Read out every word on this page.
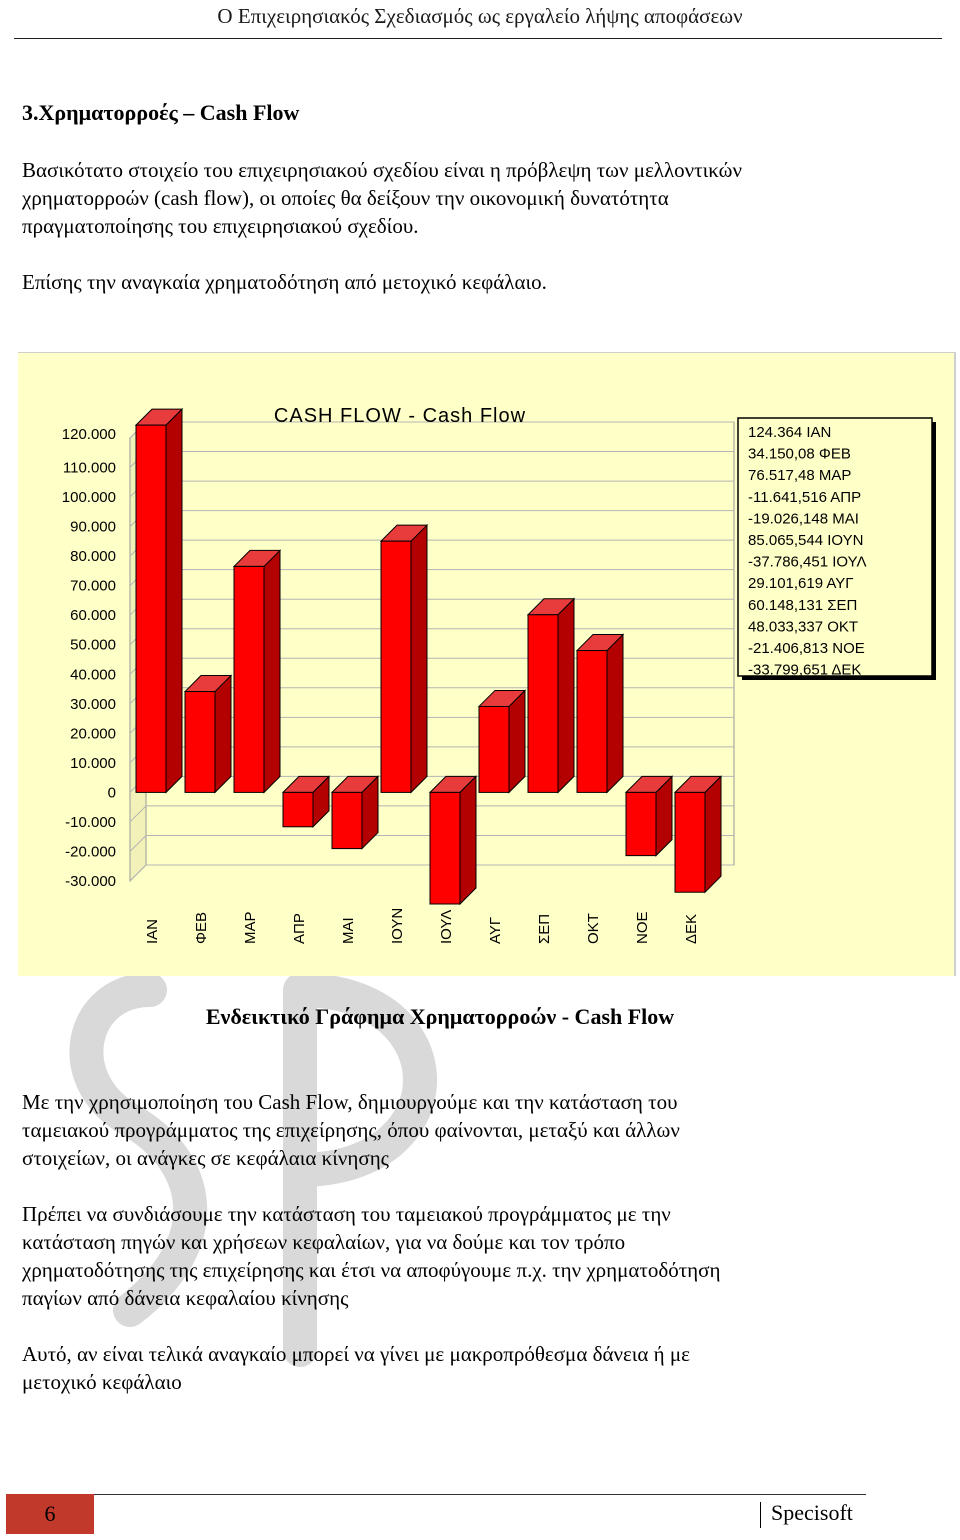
Ο Επιχειρησιακός Σχεδιασμός ως εργαλείο λήψης αποφάσεων
3.Χρηματορροές – Cash Flow
Βασικότατο στοιχείο του επιχειρησιακού σχεδίου είναι η πρόβλεψη των μελλοντικών
χρηματορροών (cash flow), οι οποίες θα δείξουν την οικονομική δυνατότητα
πραγματοποίησης του επιχειρησιακού σχεδίου.
Επίσης την αναγκαία χρηματοδότηση από μετοχικό κεφάλαιο.
120.000
110.000
100.000
90.000
80.000
70.000
60.000
50.000
40.000
30.000
20.000
10.000
0
-10.000
-20.000
-30.000
ΙΑΝ ΦΕΒ ΜΑΡ ΑΠΡ ΜΑΙ ΙΟΥΝ ΙΟΥΛ ΑΥΓ ΣΕΠ ΟΚΤ ΝΟΕ ΔΕΚ
124.364 ΙΑΝ
34.150,08 ΦΕΒ
76.517,48 ΜΑΡ
-11.641,516 ΑΠΡ
-19.026,148 ΜΑΙ
85.065,544 ΙΟΥΝ
-37.786,451 ΙΟΥΛ
29.101,619 ΑΥΓ
60.148,131 ΣΕΠ
48.033,337 ΟΚΤ
-21.406,813 ΝΟΕ
-33.799,651 ΔΕΚ
CASH FLOW - Cash Flow
Ενδεικτικό Γράφημα Χρηματορροών - Cash Flow
Με την χρησιμοποίηση του Cash Flow, δημιουργούμε και την κατάσταση του
ταμειακού προγράμματος της επιχείρησης, όπου φαίνονται, μεταξύ και άλλων
στοιχείων, οι ανάγκες σε κεφάλαια κίνησης
Πρέπει να συνδιάσουμε την κατάσταση του ταμειακού προγράμματος με την
κατάσταση πηγών και χρήσεων κεφαλαίων, για να δούμε και τον τρόπο
χρηματοδότησης της επιχείρησης και έτσι να αποφύγουμε π.χ. την χρηματοδότηση
παγίων από δάνεια κεφαλαίου κίνησης
Αυτό, αν είναι τελικά αναγκαίο μπορεί να γίνει με μακροπρόθεσμα δάνεια ή με
μετοχικό κεφάλαιο
6	Specisoft
